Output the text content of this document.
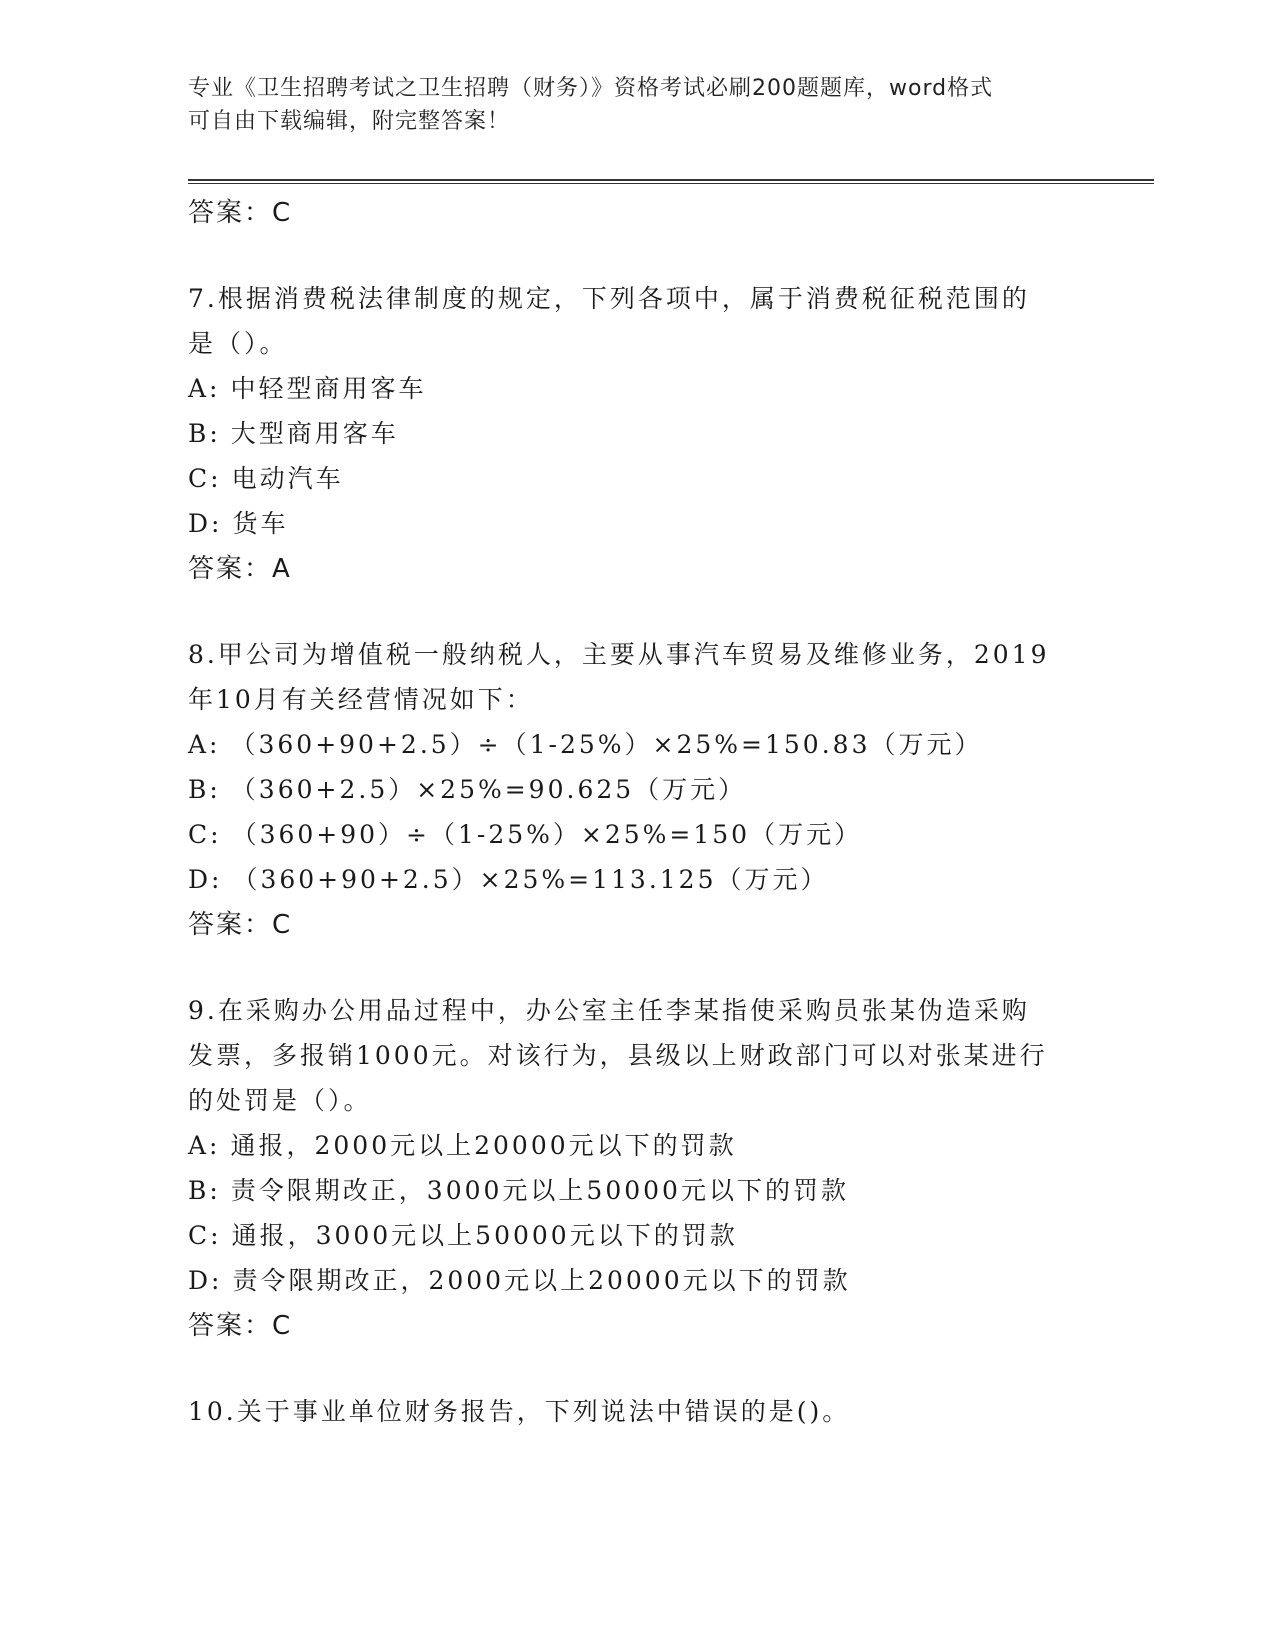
专业《卫生招聘考试之卫生招聘（财务）》资格考试必刷200题题库，word格式
可自由下载编辑，附完整答案！
答案：C
7.根据消费税法律制度的规定，下列各项中，属于消费税征税范围的
是（）。
A: 中轻型商用客车
B: 大型商用客车
C: 电动汽车
D: 货车
答案：A
8.甲公司为增值税一般纳税人，主要从事汽车贸易及维修业务，2019
年10月有关经营情况如下：
A: （360+90+2.5）÷（1-25%）×25%=150.83（万元）
B: （360+2.5）×25%=90.625（万元）
C: （360+90）÷（1-25%）×25%=150（万元）
D: （360+90+2.5）×25%=113.125（万元）
答案：C
9.在采购办公用品过程中，办公室主任李某指使采购员张某伪造采购
发票，多报销1000元。对该行为，县级以上财政部门可以对张某进行
的处罚是（）。
A: 通报，2000元以上20000元以下的罚款
B: 责令限期改正，3000元以上50000元以下的罚款
C: 通报，3000元以上50000元以下的罚款
D: 责令限期改正，2000元以上20000元以下的罚款
答案：C
10.关于事业单位财务报告，下列说法中错误的是()。
